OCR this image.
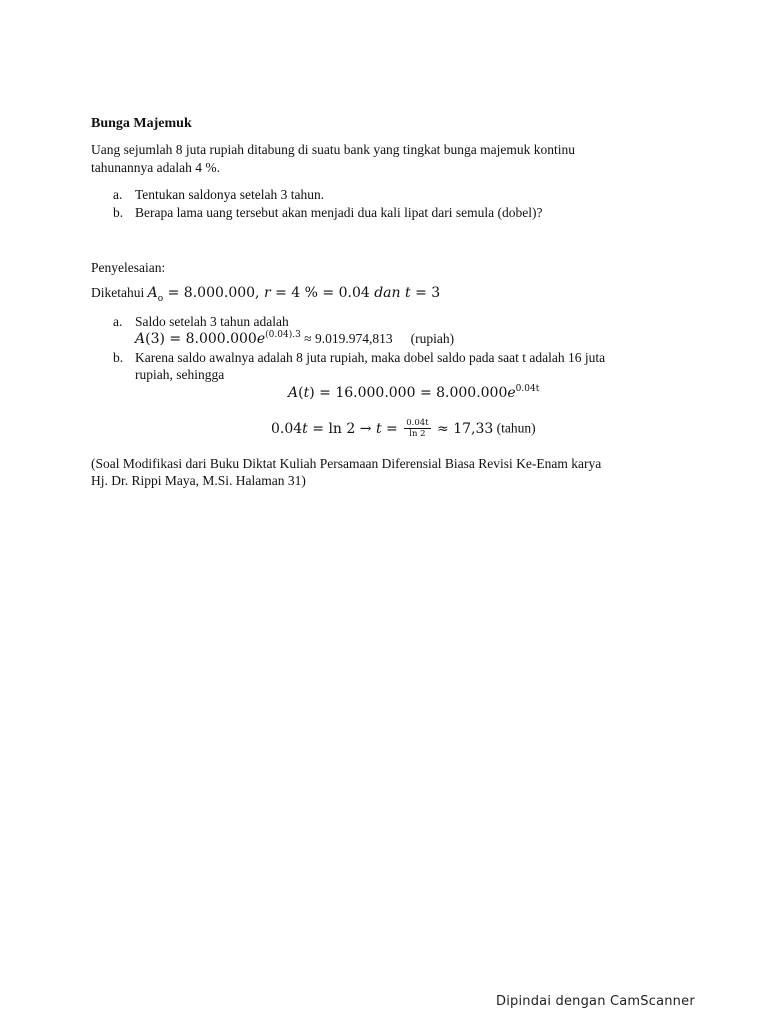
Bunga Majemuk
Uang sejumlah 8 juta rupiah ditabung di suatu bank yang tingkat bunga majemuk kontinu
tahunannya adalah 4 %.
a. Tentukan saldonya setelah 3 tahun.
b. Berapa lama uang tersebut akan menjadi dua kali lipat dari semula (dobel)?
Penyelesaian:
Diketahui $A_o = 8.000.000$, r = 4 % = 0.04 dan t = 3
a. Saldo setelah 3 tahun adalah
$A(3) = 8.000.000e^{(0.04).3} \approx 9.019.974,813$ (rupiah)
b. Karena saldo awalnya adalah 8 juta rupiah, maka dobel saldo pada saat t adalah 16 juta
rupiah, sehingga
$A(t) = 16.000.000 = 8.000.000e^{0.04t}$
$0.04t = \ln 2 \to t = \frac{0.04t}{\ln 2} \approx 17,33$ (tahun)
(Soal Modifikasi dari Buku Diktat Kuliah Persamaan Diferensial Biasa Revisi Ke-Enam karya
Hj. Dr. Rippi Maya, M.Si. Halaman 31)
Dipindai dengan CamScanner
